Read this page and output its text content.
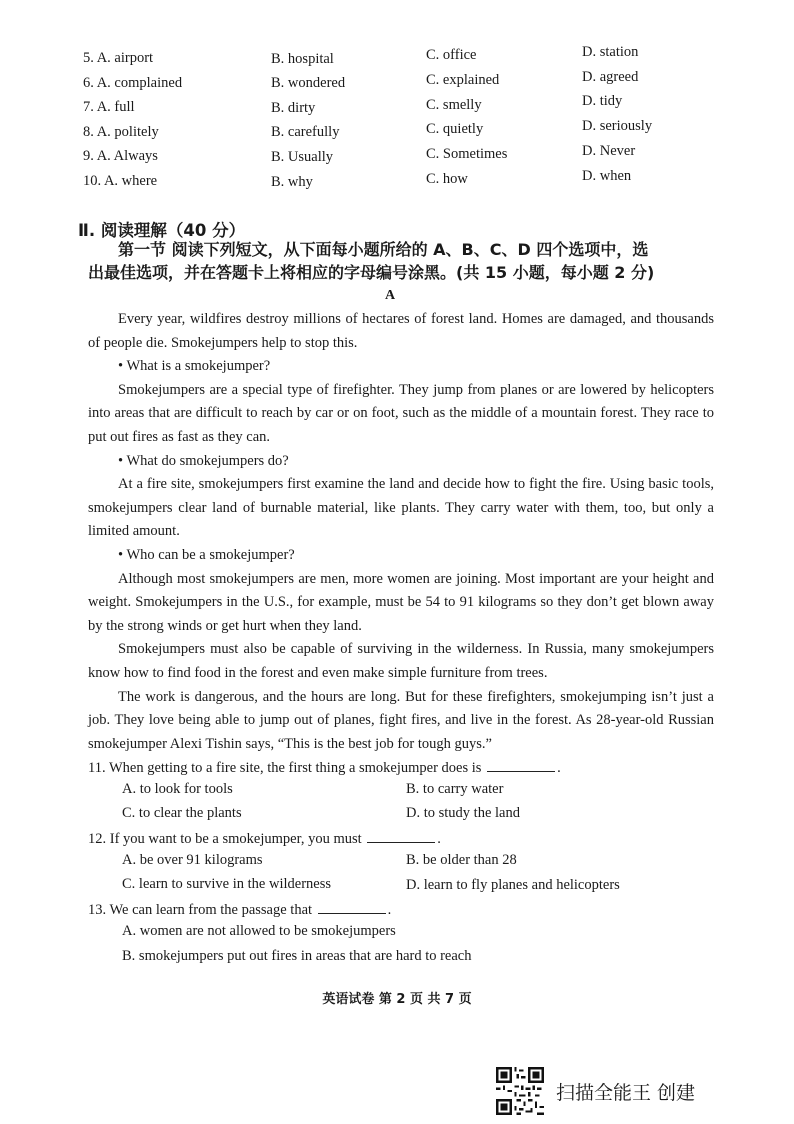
5. A. airport	B. hospital	C. office	D. station
6. A. complained	B. wondered	C. explained	D. agreed
7. A. full	B. dirty	C. smelly	D. tidy
8. A. politely	B. carefully	C. quietly	D. seriously
9. A. Always	B. Usually	C. Sometimes	D. Never
10. A. where	B. why	C. how	D. when
Ⅱ. 阅读理解（40 分）
第一节 阅读下列短文，从下面每小题所给的 A、B、C、D 四个选项中，选
出最佳选项，并在答题卡上将相应的字母编号涂黑。(共 15 小题，每小题 2 分)
A

Every year, wildfires destroy millions of hectares of forest land. Homes are damaged, and thousands of people die. Smokejumpers help to stop this.

• What is a smokejumper?

Smokejumpers are a special type of firefighter. They jump from planes or are lowered by helicopters into areas that are difficult to reach by car or on foot, such as the middle of a mountain forest. They race to put out fires as fast as they can.

• What do smokejumpers do?

At a fire site, smokejumpers first examine the land and decide how to fight the fire. Using basic tools, smokejumpers clear land of burnable material, like plants. They carry water with them, too, but only a limited amount.

• Who can be a smokejumper?

Although most smokejumpers are men, more women are joining. Most important are your height and weight. Smokejumpers in the U.S., for example, must be 54 to 91 kilograms so they don’t get blown away by the strong winds or get hurt when they land.

Smokejumpers must also be capable of surviving in the wilderness. In Russia, many smokejumpers know how to find food in the forest and even make simple furniture from trees.

The work is dangerous, and the hours are long. But for these firefighters, smokejumping isn’t just a job. They love being able to jump out of planes, fight fires, and live in the forest. As 28-year-old Russian smokejumper Alexi Tishin says, “This is the best job for tough guys.”

11. When getting to a fire site, the first thing a smokejumper does is	.
A. to look for tools	B. to carry water
C. to clear the plants	D. to study the land
12. If you want to be a smokejumper, you must	.
A. be over 91 kilograms	B. be older than 28
C. learn to survive in the wilderness	D. learn to fly planes and helicopters
13. We can learn from the passage that	.
A. women are not allowed to be smokejumpers
B. smokejumpers put out fires in areas that are hard to reach
英语试卷 第 2 页 共 7 页
扫描全能王 创建
